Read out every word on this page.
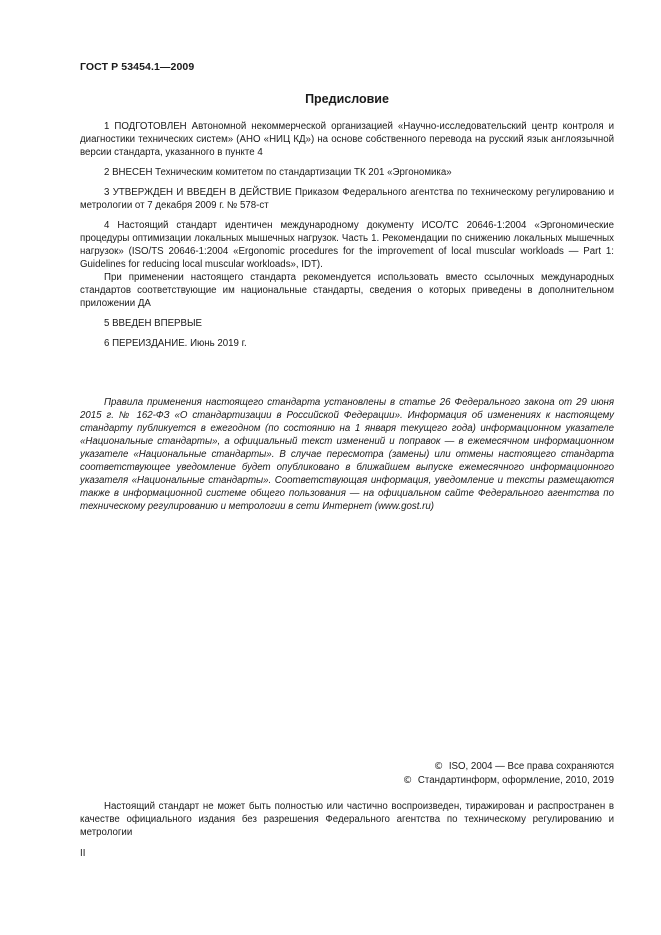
ГОСТ Р 53454.1—2009
Предисловие

1 ПОДГОТОВЛЕН Автономной некоммерческой организацией «Научно-исследовательский центр контроля и диагностики технических систем» (АНО «НИЦ КД») на основе собственного перевода на русский язык англоязычной версии стандарта, указанного в пункте 4

2 ВНЕСЕН Техническим комитетом по стандартизации ТК 201 «Эргономика»

3 УТВЕРЖДЕН И ВВЕДЕН В ДЕЙСТВИЕ Приказом Федерального агентства по техническому регулированию и метрологии от 7 декабря 2009 г. № 578-ст

4 Настоящий стандарт идентичен международному документу ИСО/ТС 20646-1:2004 «Эргономические процедуры оптимизации локальных мышечных нагрузок. Часть 1. Рекомендации по снижению локальных мышечных нагрузок» (ISO/TS 20646-1:2004 «Ergonomic procedures for the improvement of local muscular workloads — Part 1: Guidelines for reducing local muscular workloads», IDT).

При применении настоящего стандарта рекомендуется использовать вместо ссылочных международных стандартов соответствующие им национальные стандарты, сведения о которых приведены в дополнительном приложении ДА

5 ВВЕДЕН ВПЕРВЫЕ

6 ПЕРЕИЗДАНИЕ. Июнь 2019 г.

Правила применения настоящего стандарта установлены в статье 26 Федерального закона от 29 июня 2015 г. № 162-ФЗ «О стандартизации в Российской Федерации». Информация об изменениях к настоящему стандарту публикуется в ежегодном (по состоянию на 1 января текущего года) информационном указателе «Национальные стандарты», а официальный текст изменений и поправок — в ежемесячном информационном указателе «Национальные стандарты». В случае пересмотра (замены) или отмены настоящего стандарта соответствующее уведомление будет опубликовано в ближайшем выпуске ежемесячного информационного указателя «Национальные стандарты». Соответствующая информация, уведомление и тексты размещаются также в информационной системе общего пользования — на официальном сайте Федерального агентства по техническому регулированию и метрологии в сети Интернет (www.gost.ru)

© ISO, 2004 — Все права сохраняются
© Стандартинформ, оформление, 2010, 2019

Настоящий стандарт не может быть полностью или частично воспроизведен, тиражирован и распространен в качестве официального издания без разрешения Федерального агентства по техническому регулированию и метрологии

II
